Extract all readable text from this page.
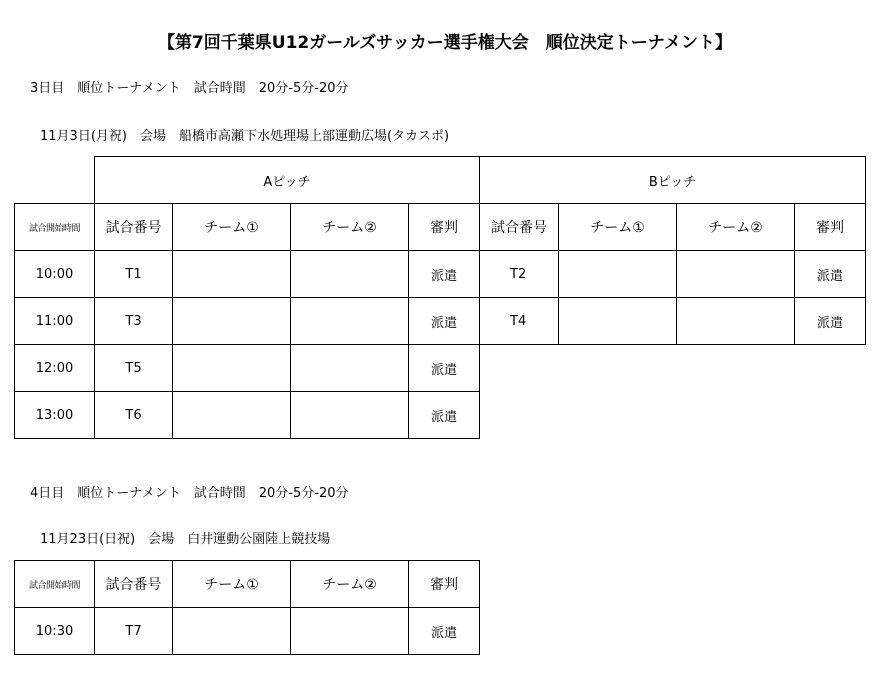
【第7回千葉県U12ガールズサッカー選手権大会　順位決定トーナメント】
3日目　順位トーナメント　試合時間　20分-5分-20分
11月3日(月祝)　会場　船橋市高瀬下水処理場上部運動広場(タカスポ)
	Aピッチ				Bピッチ			
試合開始時間	試合番号	チーム①	チーム②	審判	試合番号	チーム①	チーム②	審判
10:00	T1			派遣	T2			派遣
11:00	T3			派遣	T4			派遣
12:00	T5			派遣				
13:00	T6			派遣				
4日目　順位トーナメント　試合時間　20分-5分-20分
11月23日(日祝)　会場　白井運動公園陸上競技場
試合開始時間	試合番号	チーム①	チーム②	審判
10:30	T7			派遣
